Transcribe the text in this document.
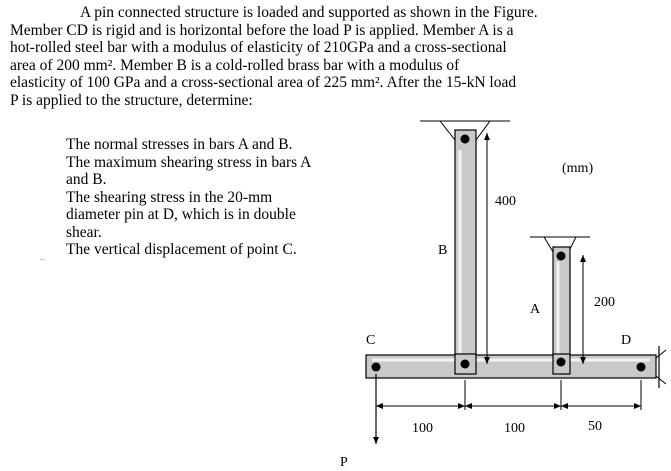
A pin connected structure is loaded and supported as shown in the Figure.
Member CD is rigid and is horizontal before the load P is applied. Member A is a
hot-rolled steel bar with a modulus of elasticity of 210GPa and a cross-sectional
area of 200 mm². Member B is a cold-rolled brass bar with a modulus of
elasticity of 100 GPa and a cross-sectional area of 225 mm². After the 15-kN load
P is applied to the structure, determine:

The normal stresses in bars A and B.

The maximum shearing stress in bars A and B.

The shearing stress in the 20-mm diameter pin at D, which is in double shear.

The vertical displacement of point C.

..
400
200
100	100	50
P
B
A
C	D
(mm)
